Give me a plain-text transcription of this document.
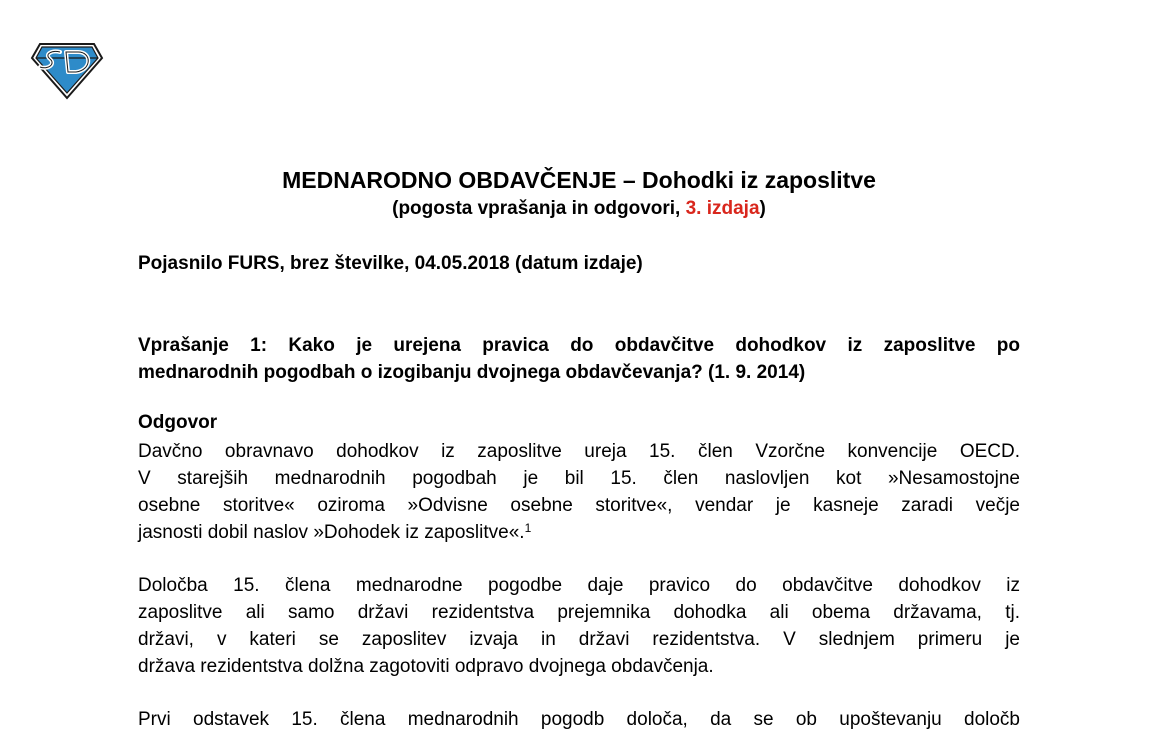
MEDNARODNO OBDAVČENJE – Dohodki iz zaposlitve

(pogosta vprašanja in odgovori, 3. izdaja)

Pojasnilo FURS, brez številke, 04.05.2018 (datum izdaje)

Vprašanje 1: Kako je urejena pravica do obdavčitve dohodkov iz zaposlitve po
mednarodnih pogodbah o izogibanju dvojnega obdavčevanja? (1. 9. 2014)

Odgovor

Davčno obravnavo dohodkov iz zaposlitve ureja 15. člen Vzorčne konvencije OECD.
V starejših mednarodnih pogodbah je bil 15. člen naslovljen kot »Nesamostojne
osebne storitve« oziroma »Odvisne osebne storitve«, vendar je kasneje zaradi večje
jasnosti dobil naslov »Dohodek iz zaposlitve«.$^1$
Določba 15. člena mednarodne pogodbe daje pravico do obdavčitve dohodkov iz
zaposlitve ali samo državi rezidentstva prejemnika dohodka ali obema državama, tj.
državi, v kateri se zaposlitev izvaja in državi rezidentstva. V slednjem primeru je
država rezidentstva dolžna zagotoviti odpravo dvojnega obdavčenja.
Prvi odstavek 15. člena mednarodnih pogodb določa, da se ob upoštevanju določb
